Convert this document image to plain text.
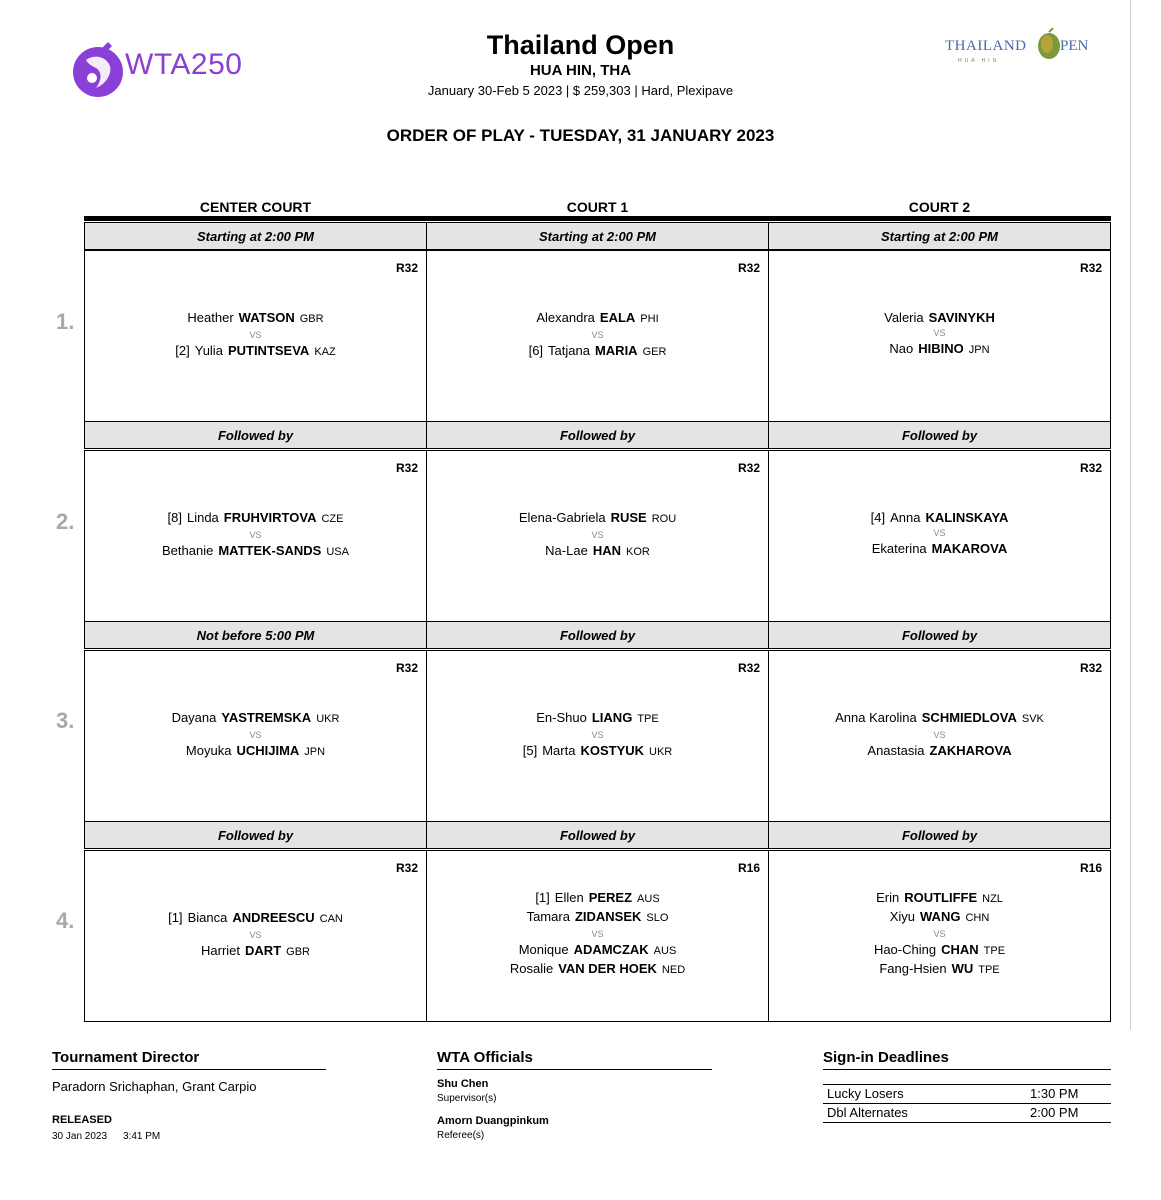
WTA250
Thailand Open
HUA HIN, THA
January 30-Feb 5 2023 | $ 259,303 | Hard, Plexipave
THAILAND PEN
HUA HIN
ORDER OF PLAY - TUESDAY, 31 JANUARY 2023
CENTER COURT
Starting at 2:00 PM
R32
Heather WATSON GBR
VS
[2] Yulia PUTINTSEVA KAZ
Followed by
R32
[8] Linda FRUHVIRTOVA CZE
VS
Bethanie MATTEK-SANDS USA
Not before 5:00 PM
R32
Dayana YASTREMSKA UKR
VS
Moyuka UCHIJIMA JPN
Followed by
R32
[1] Bianca ANDREESCU CAN
VS
Harriet DART GBR
COURT 1
Starting at 2:00 PM
R32
Alexandra EALA PHI
VS
[6] Tatjana MARIA GER
Followed by
R32
Elena-Gabriela RUSE ROU
VS
Na-Lae HAN KOR
Followed by
R32
En-Shuo LIANG TPE
VS
[5] Marta KOSTYUK UKR
Followed by
R16
[1] Ellen PEREZ AUS
Tamara ZIDANSEK SLO
VS
Monique ADAMCZAK AUS
Rosalie VAN DER HOEK NED
COURT 2
Starting at 2:00 PM
R32
Valeria SAVINYKH
VS
Nao HIBINO JPN
Followed by
R32
[4] Anna KALINSKAYA
VS
Ekaterina MAKAROVA
Followed by
R32
Anna Karolina SCHMIEDLOVA SVK
VS
Anastasia ZAKHAROVA
Followed by
R16
Erin ROUTLIFFE NZL
Xiyu WANG CHN
VS
Hao-Ching CHAN TPE
Fang-Hsien WU TPE
1.
2.
3.
4.
Tournament Director
Paradorn Srichaphan, Grant Carpio
RELEASED
30 Jan 2023 3:41 PM
WTA Officials
Shu Chen
Supervisor(s)
Amorn Duangpinkum
Referee(s)
Sign-in Deadlines
Lucky Losers	1:30 PM
Dbl Alternates	2:00 PM
